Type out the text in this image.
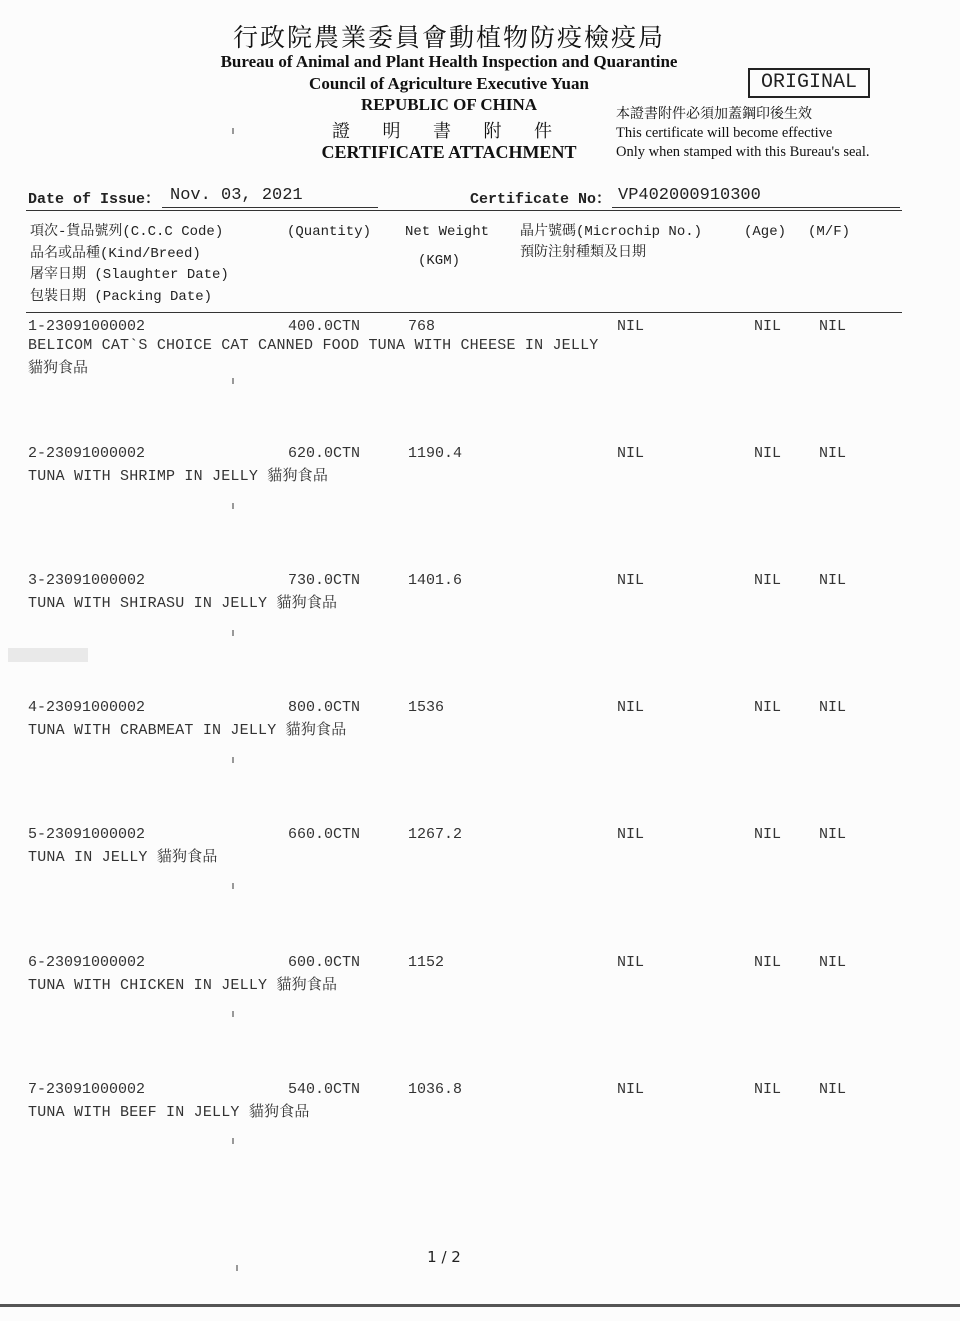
行政院農業委員會動植物防疫檢疫局
Bureau of Animal and Plant Health Inspection and Quarantine
Council of Agriculture Executive Yuan
REPUBLIC OF CHINA
證 明 書 附 件
CERTIFICATE ATTACHMENT
ORIGINAL
本證書附件必須加蓋鋼印後生效
This certificate will become effective
Only when stamped with this Bureau's seal.
Date of Issue： Nov. 03, 2021	Certificate No： VP402000910300
項次-貨品號列(C.C.C Code)
品名或品種(Kind/Breed)
屠宰日期 (Slaughter Date)
包裝日期 (Packing Date)
(Quantity) Net Weight
(KGM)
晶片號碼(Microchip No.)
預防注射種類及日期
(Age) (M/F)
1-23091000002	400.0CTN	768	NIL	NIL	NIL
BELICOM CAT`S CHOICE CAT CANNED FOOD TUNA WITH CHEESE IN JELLY
貓狗食品
2-23091000002	620.0CTN	1190.4	NIL	NIL	NIL
TUNA WITH SHRIMP IN JELLY 貓狗食品
3-23091000002	730.0CTN	1401.6	NIL	NIL	NIL
TUNA WITH SHIRASU IN JELLY 貓狗食品
4-23091000002	800.0CTN	1536	NIL	NIL	NIL
TUNA WITH CRABMEAT IN JELLY 貓狗食品
5-23091000002	660.0CTN	1267.2	NIL	NIL	NIL
TUNA IN JELLY 貓狗食品
6-23091000002	600.0CTN	1152	NIL	NIL	NIL
TUNA WITH CHICKEN IN JELLY 貓狗食品
7-23091000002	540.0CTN	1036.8	NIL	NIL	NIL
TUNA WITH BEEF IN JELLY 貓狗食品
1 / 2
